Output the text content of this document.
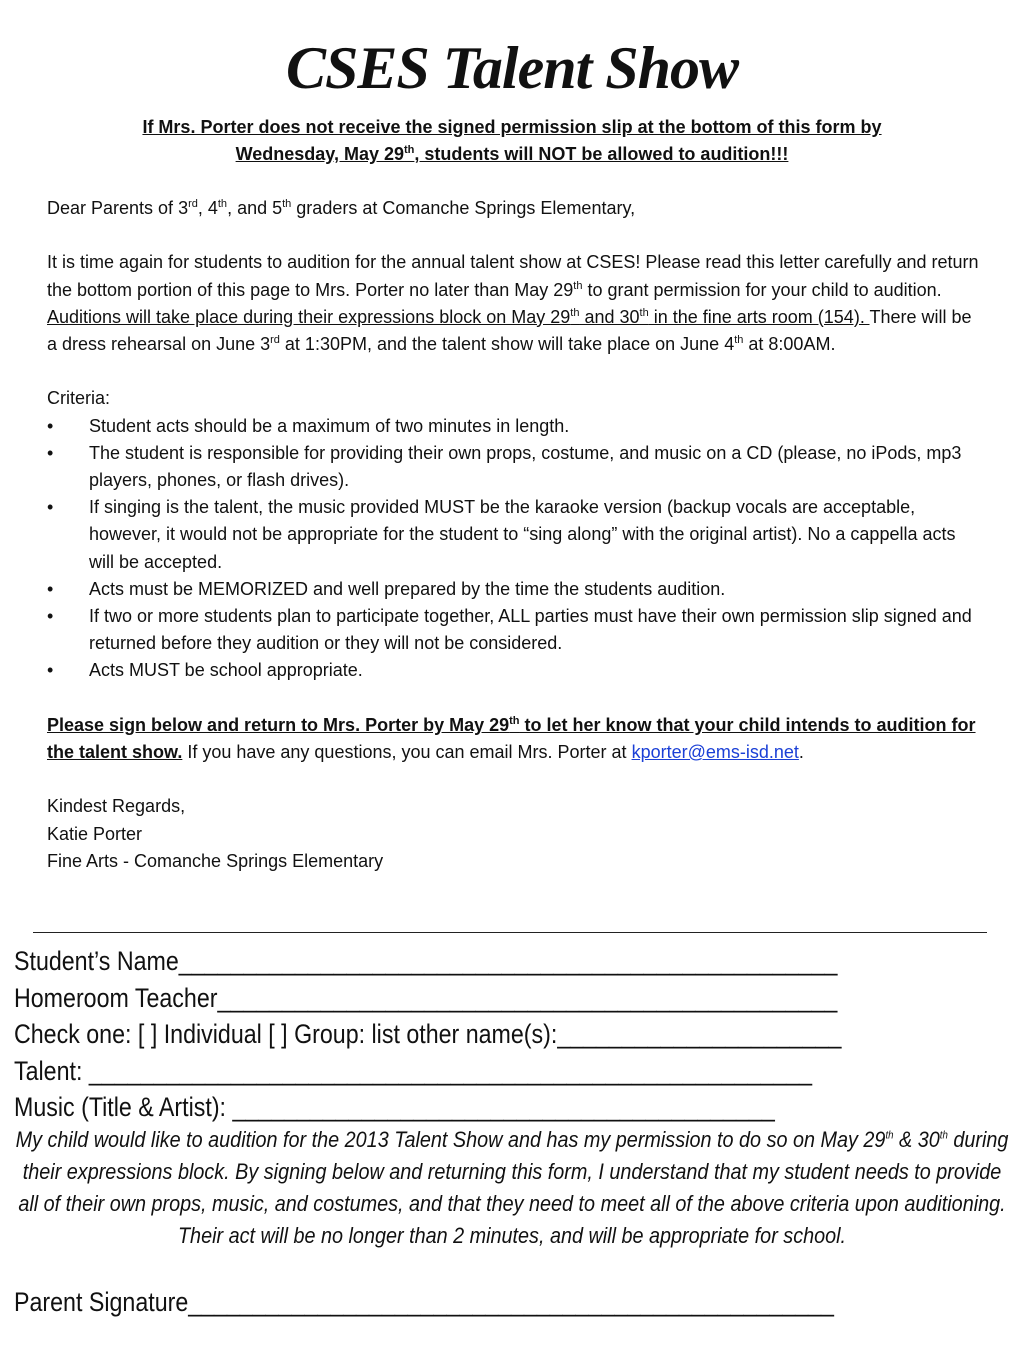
CSES Talent Show
If Mrs. Porter does not receive the signed permission slip at the bottom of this form by
Wednesday, May 29th, students will NOT be allowed to audition!!!

Dear Parents of 3rd, 4th, and 5th graders at Comanche Springs Elementary,

It is time again for students to audition for the annual talent show at CSES! Please read this letter carefully and return the bottom portion of this page to Mrs. Porter no later than May 29th to grant permission for your child to audition. Auditions will take place during their expressions block on May 29th and 30th in the fine arts room (154). There will be a dress rehearsal on June 3rd at 1:30PM, and the talent show will take place on June 4th at 8:00AM.

Criteria:

•	Student acts should be a maximum of two minutes in length.
•	The student is responsible for providing their own props, costume, and music on a CD (please, no iPods, mp3 players, phones, or flash drives).
•	If singing is the talent, the music provided MUST be the karaoke version (backup vocals are acceptable, however, it would not be appropriate for the student to “sing along” with the original artist). No a cappella acts will be accepted.
•	Acts must be MEMORIZED and well prepared by the time the students audition.
•	If two or more students plan to participate together, ALL parties must have their own permission slip signed and returned before they audition or they will not be considered.
•	Acts MUST be school appropriate.

Please sign below and return to Mrs. Porter by May 29th to let her know that your child intends to audition for the talent show. If you have any questions, you can email Mrs. Porter at kporter@ems-isd.net.

Kindest Regards,

Katie Porter

Fine Arts - Comanche Springs Elementary

Student’s Name___________________________________________________
Homeroom Teacher________________________________________________
Check one: [ ] Individual [ ] Group: list other name(s):______________________
Talent: ________________________________________________________
Music (Title & Artist): __________________________________________
My child would like to audition for the 2013 Talent Show and has my permission to do so on May 29th & 30th during their expressions block. By signing below and returning this form, I understand that my student needs to provide all of their own props, music, and costumes, and that they need to meet all of the above criteria upon auditioning. Their act will be no longer than 2 minutes, and will be appropriate for school.
Parent Signature__________________________________________________
